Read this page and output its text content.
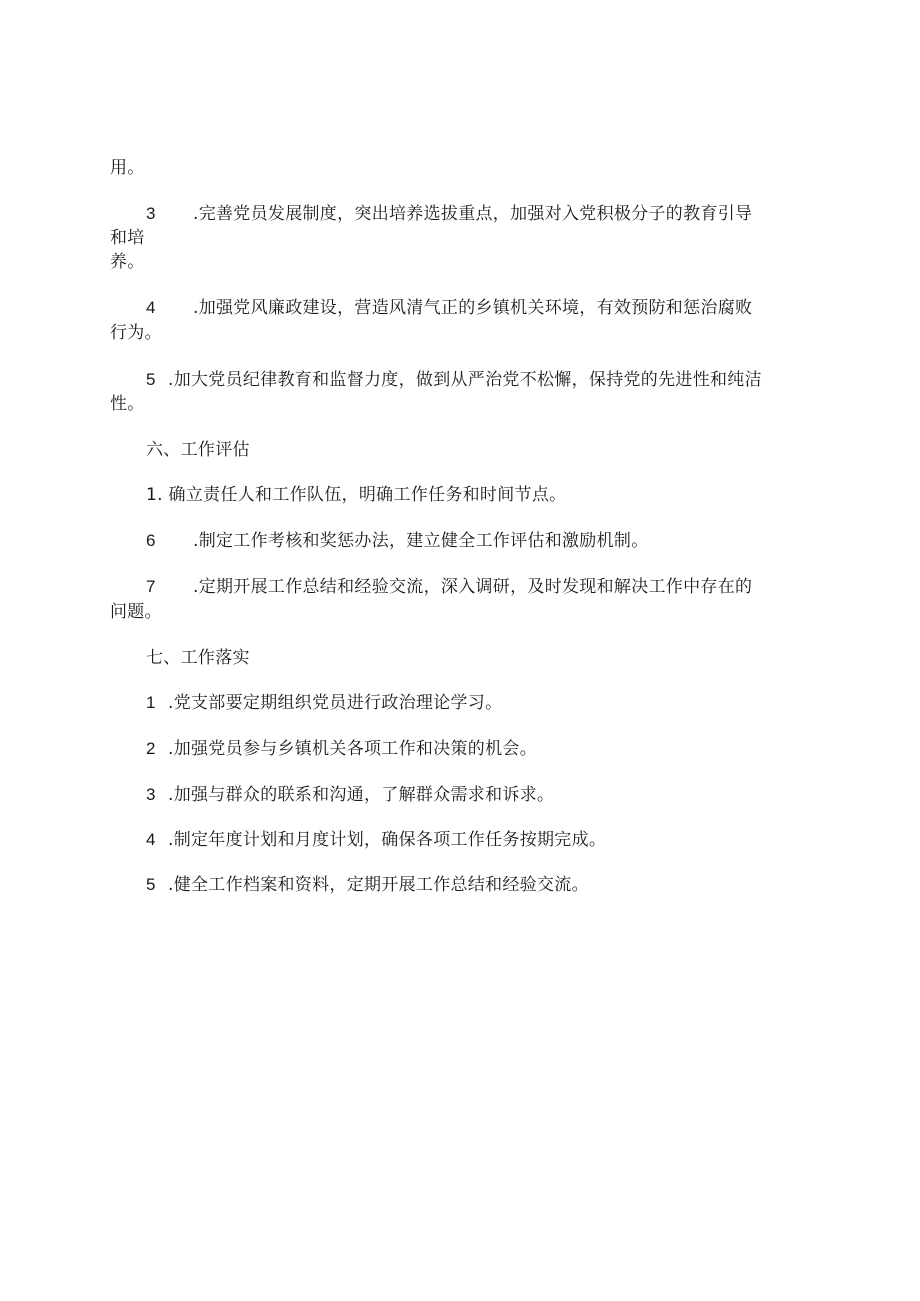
用。
3 .完善党员发展制度，突出培养选拔重点，加强对入党积极分子的教育引导
和培
养。
4 .加强党风廉政建设，营造风清气正的乡镇机关环境，有效预防和惩治腐败
行为。
5 .加大党员纪律教育和监督力度，做到从严治党不松懈，保持党的先进性和纯洁
性。
六、工作评估
1. 确立责任人和工作队伍，明确工作任务和时间节点。
6 .制定工作考核和奖惩办法，建立健全工作评估和激励机制。
7 .定期开展工作总结和经验交流，深入调研，及时发现和解决工作中存在的
问题。
七、工作落实
1 .党支部要定期组织党员进行政治理论学习。
2 .加强党员参与乡镇机关各项工作和决策的机会。
3 .加强与群众的联系和沟通，了解群众需求和诉求。
4 .制定年度计划和月度计划，确保各项工作任务按期完成。
5 .健全工作档案和资料，定期开展工作总结和经验交流。
